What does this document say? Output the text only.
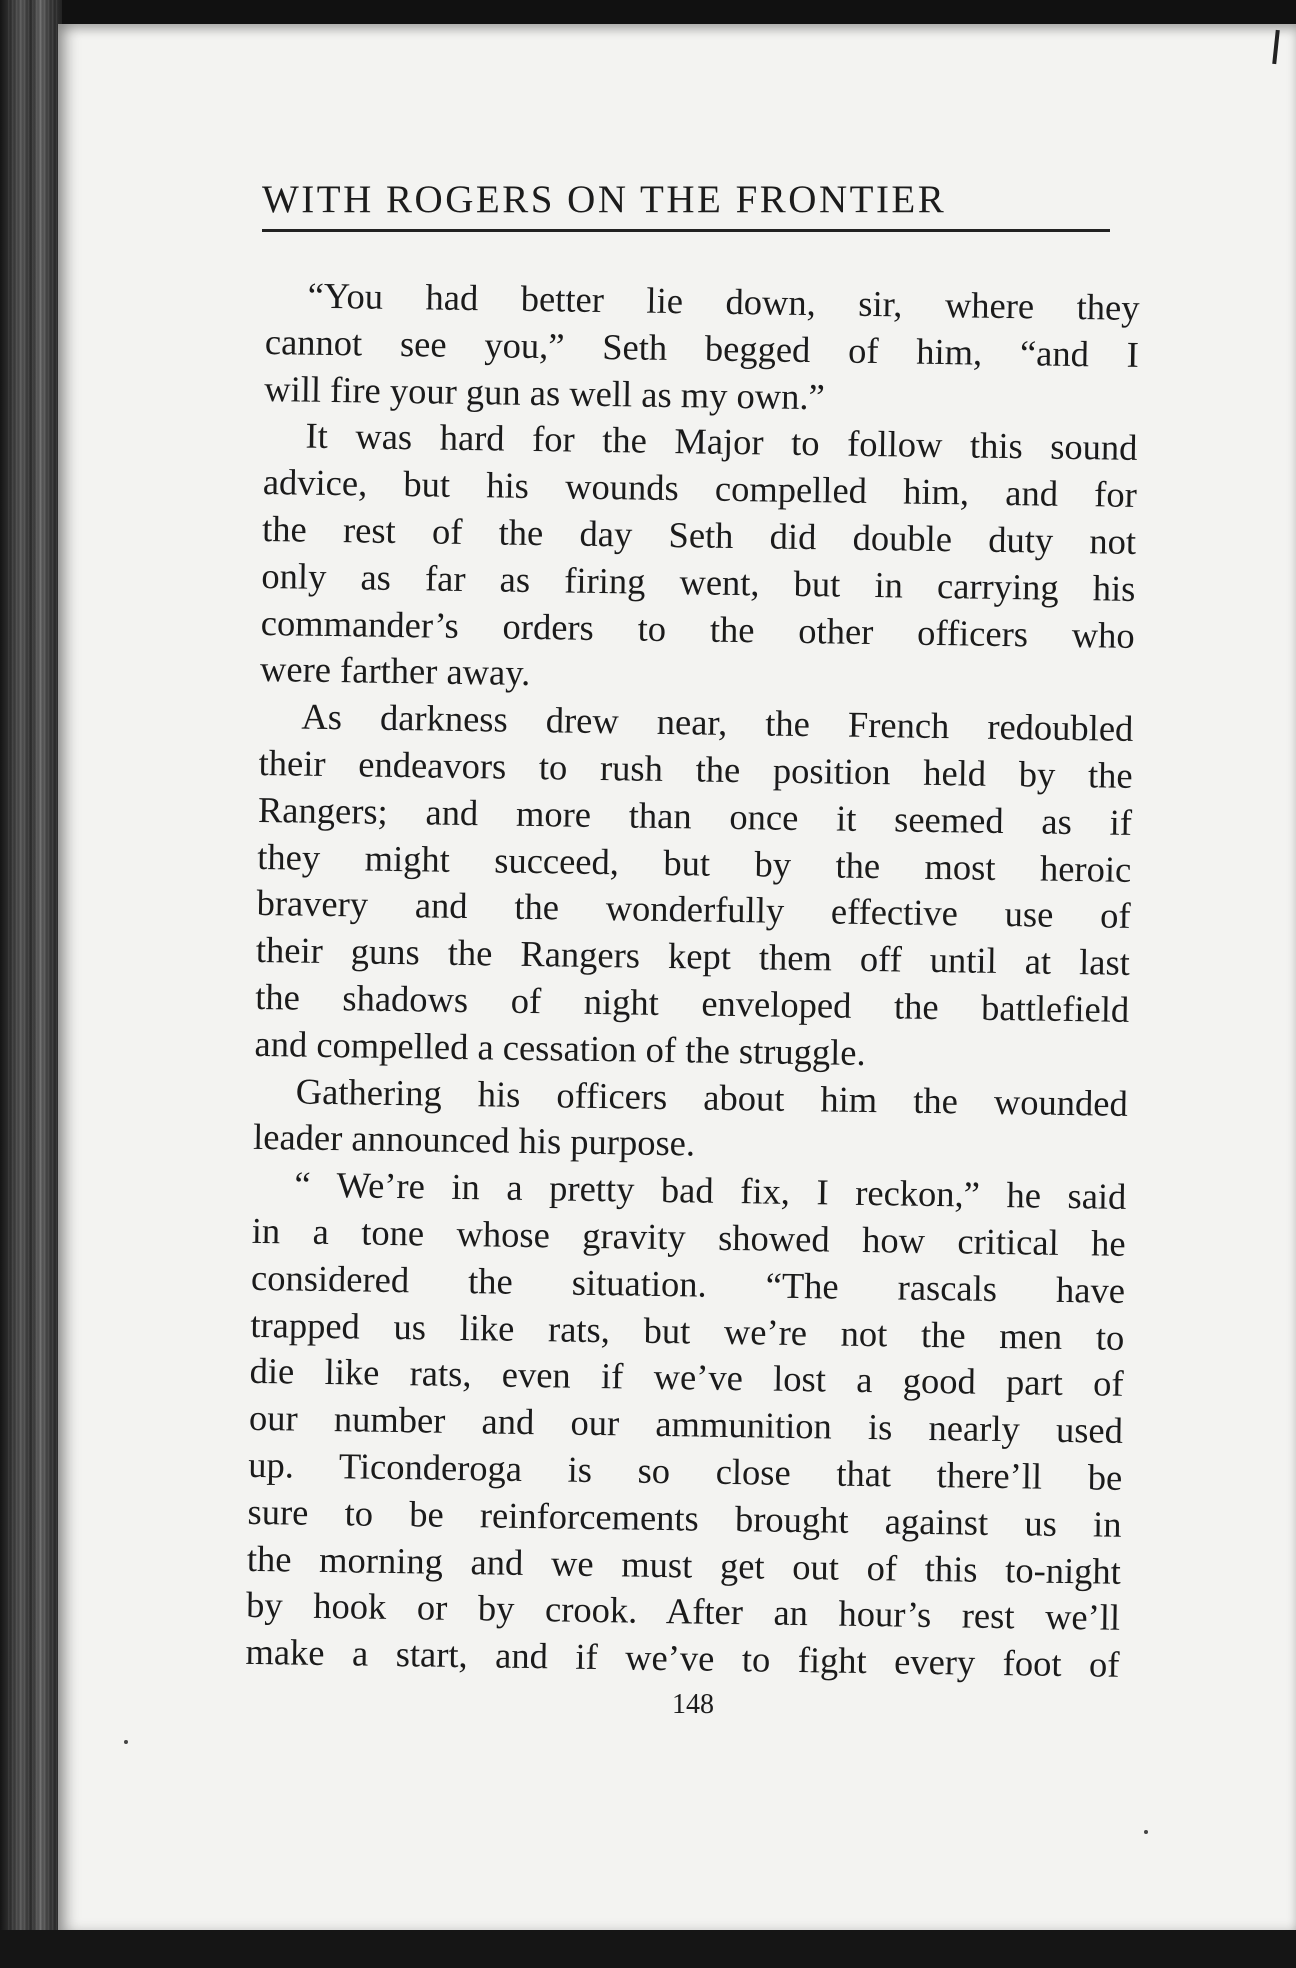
WITH ROGERS ON THE FRONTIER
“You had better lie down, sir, where they
cannot see you,” Seth begged of him, “and I
will fire your gun as well as my own.”
It was hard for the Major to follow this sound
advice, but his wounds compelled him, and for
the rest of the day Seth did double duty not
only as far as firing went, but in carrying his
commander’s orders to the other officers who
were farther away.
As darkness drew near, the French redoubled
their endeavors to rush the position held by the
Rangers; and more than once it seemed as if
they might succeed, but by the most heroic
bravery and the wonderfully effective use of
their guns the Rangers kept them off until at last
the shadows of night enveloped the battlefield
and compelled a cessation of the struggle.
Gathering his officers about him the wounded
leader announced his purpose.
“ We’re in a pretty bad fix, I reckon,” he said
in a tone whose gravity showed how critical he
considered the situation. “The rascals have
trapped us like rats, but we’re not the men to
die like rats, even if we’ve lost a good part of
our number and our ammunition is nearly used
up. Ticonderoga is so close that there’ll be
sure to be reinforcements brought against us in
the morning and we must get out of this to-night
by hook or by crook. After an hour’s rest we’ll
make a start, and if we’ve to fight every foot of

148
